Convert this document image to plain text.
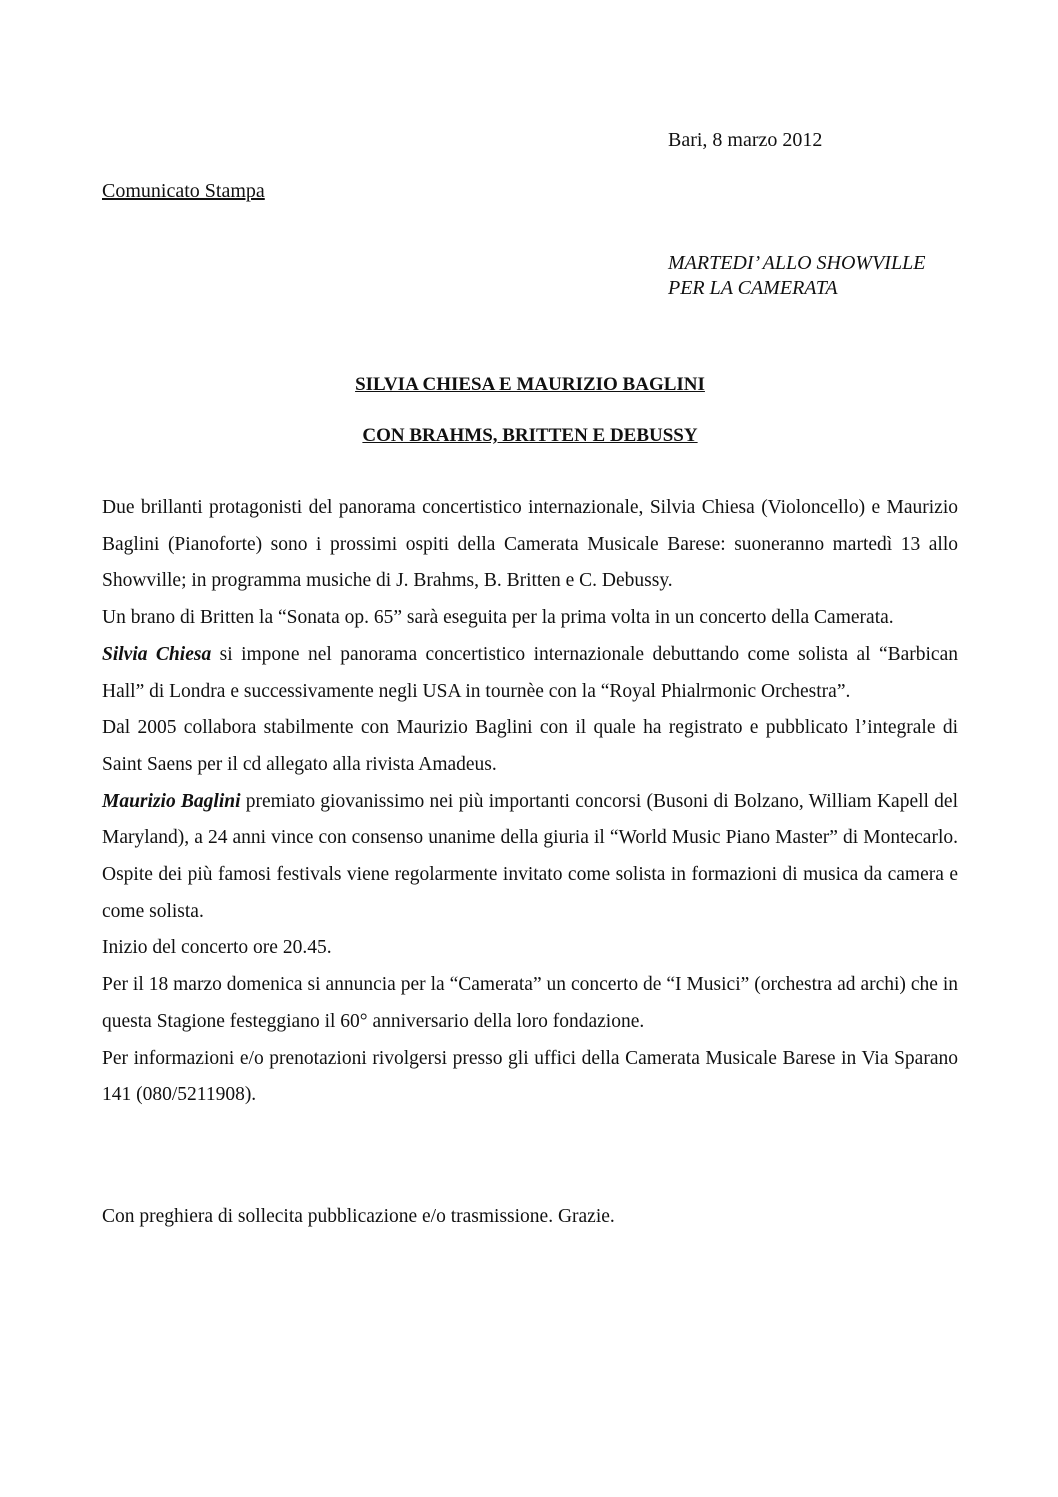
Bari, 8 marzo 2012
Comunicato Stampa
MARTEDI’ ALLO SHOWVILLE
PER LA CAMERATA
SILVIA CHIESA E MAURIZIO BAGLINI
CON BRAHMS, BRITTEN E DEBUSSY

Due brillanti protagonisti del panorama concertistico internazionale, Silvia Chiesa (Violoncello) e Maurizio Baglini (Pianoforte) sono i prossimi ospiti della Camerata Musicale Barese: suoneranno martedì 13 allo Showville; in programma musiche di J. Brahms, B. Britten e C. Debussy.

Un brano di Britten la “Sonata op. 65” sarà eseguita per la prima volta in un concerto della Camerata.

Silvia Chiesa si impone nel panorama concertistico internazionale debuttando come solista al “Barbican Hall” di Londra e successivamente negli USA in tournèe con la “Royal Phialrmonic Orchestra”.

Dal 2005 collabora stabilmente con Maurizio Baglini con il quale ha registrato e pubblicato l’integrale di Saint Saens per il cd allegato alla rivista Amadeus.

Maurizio Baglini premiato giovanissimo nei più importanti concorsi (Busoni di Bolzano, William Kapell del Maryland), a 24 anni vince con consenso unanime della giuria il “World Music Piano Master” di Montecarlo. Ospite dei più famosi festivals viene regolarmente invitato come solista in formazioni di musica da camera e come solista.

Inizio del concerto ore 20.45.

Per il 18 marzo domenica si annuncia per la “Camerata” un concerto de “I Musici” (orchestra ad archi) che in questa Stagione festeggiano il 60° anniversario della loro fondazione.

Per informazioni e/o prenotazioni rivolgersi presso gli uffici della Camerata Musicale Barese in Via Sparano 141 (080/5211908).

Con preghiera di sollecita pubblicazione e/o trasmissione. Grazie.
